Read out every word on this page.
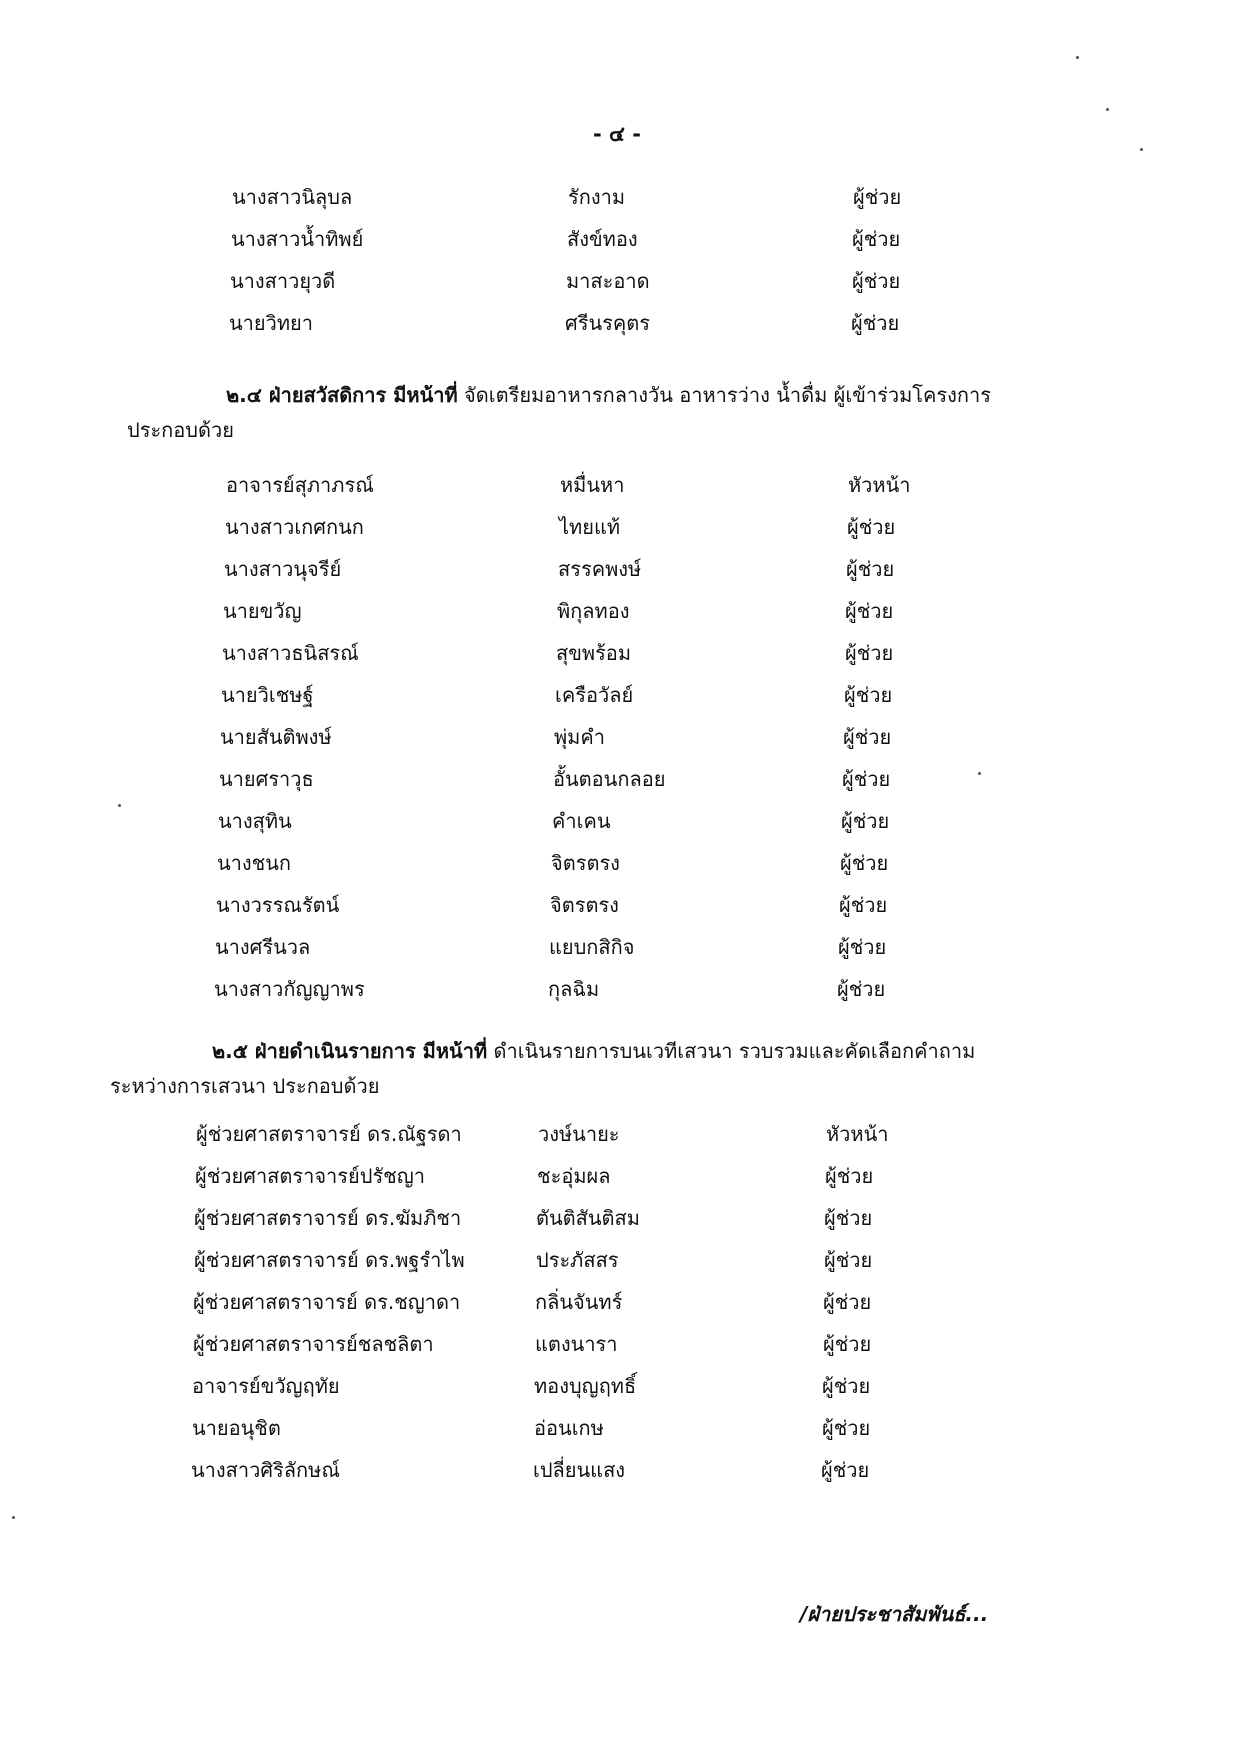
- ๔ -
นางสาวนิลุบล	รักงาม	ผู้ช่วย
นางสาวน้ำทิพย์	สังข์ทอง	ผู้ช่วย
นางสาวยุวดี	มาสะอาด	ผู้ช่วย
นายวิทยา	ศรีนรคุตร	ผู้ช่วย
๒.๔ ฝ่ายสวัสดิการ มีหน้าที่ จัดเตรียมอาหารกลางวัน อาหารว่าง น้ำดื่ม ผู้เข้าร่วมโครงการ
ประกอบด้วย
อาจารย์สุภาภรณ์	หมื่นหา	หัวหน้า
นางสาวเกศกนก	ไทยแท้	ผู้ช่วย
นางสาวนุจรีย์	สรรคพงษ์	ผู้ช่วย
นายขวัญ	พิกุลทอง	ผู้ช่วย
นางสาวธนิสรณ์	สุขพร้อม	ผู้ช่วย
นายวิเชษฐ์	เครือวัลย์	ผู้ช่วย
นายสันติพงษ์	พุ่มคำ	ผู้ช่วย
นายศราวุธ	อั้นตอนกลอย	ผู้ช่วย
นางสุทิน	คำเคน	ผู้ช่วย
นางชนก	จิตรตรง	ผู้ช่วย
นางวรรณรัตน์	จิตรตรง	ผู้ช่วย
นางศรีนวล	แยบกสิกิจ	ผู้ช่วย
นางสาวกัญญาพร	กุลฉิม	ผู้ช่วย
๒.๕ ฝ่ายดำเนินรายการ มีหน้าที่ ดำเนินรายการบนเวทีเสวนา รวบรวมและคัดเลือกคำถาม
ระหว่างการเสวนา ประกอบด้วย
ผู้ช่วยศาสตราจารย์ ดร.ณัฐรดา	วงษ์นายะ	หัวหน้า
ผู้ช่วยศาสตราจารย์ปรัชญา	ชะอุ่มผล	ผู้ช่วย
ผู้ช่วยศาสตราจารย์ ดร.ฆัมภิชา	ตันติสันติสม	ผู้ช่วย
ผู้ช่วยศาสตราจารย์ ดร.พฐรำไพ	ประภัสสร	ผู้ช่วย
ผู้ช่วยศาสตราจารย์ ดร.ชญาดา	กลิ่นจันทร์	ผู้ช่วย
ผู้ช่วยศาสตราจารย์ชลชลิตา	แตงนารา	ผู้ช่วย
อาจารย์ขวัญฤทัย	ทองบุญฤทธิ์	ผู้ช่วย
นายอนุชิต	อ่อนเกษ	ผู้ช่วย
นางสาวศิริลักษณ์	เปลี่ยนแสง	ผู้ช่วย
/ฝ่ายประชาสัมพันธ์...
